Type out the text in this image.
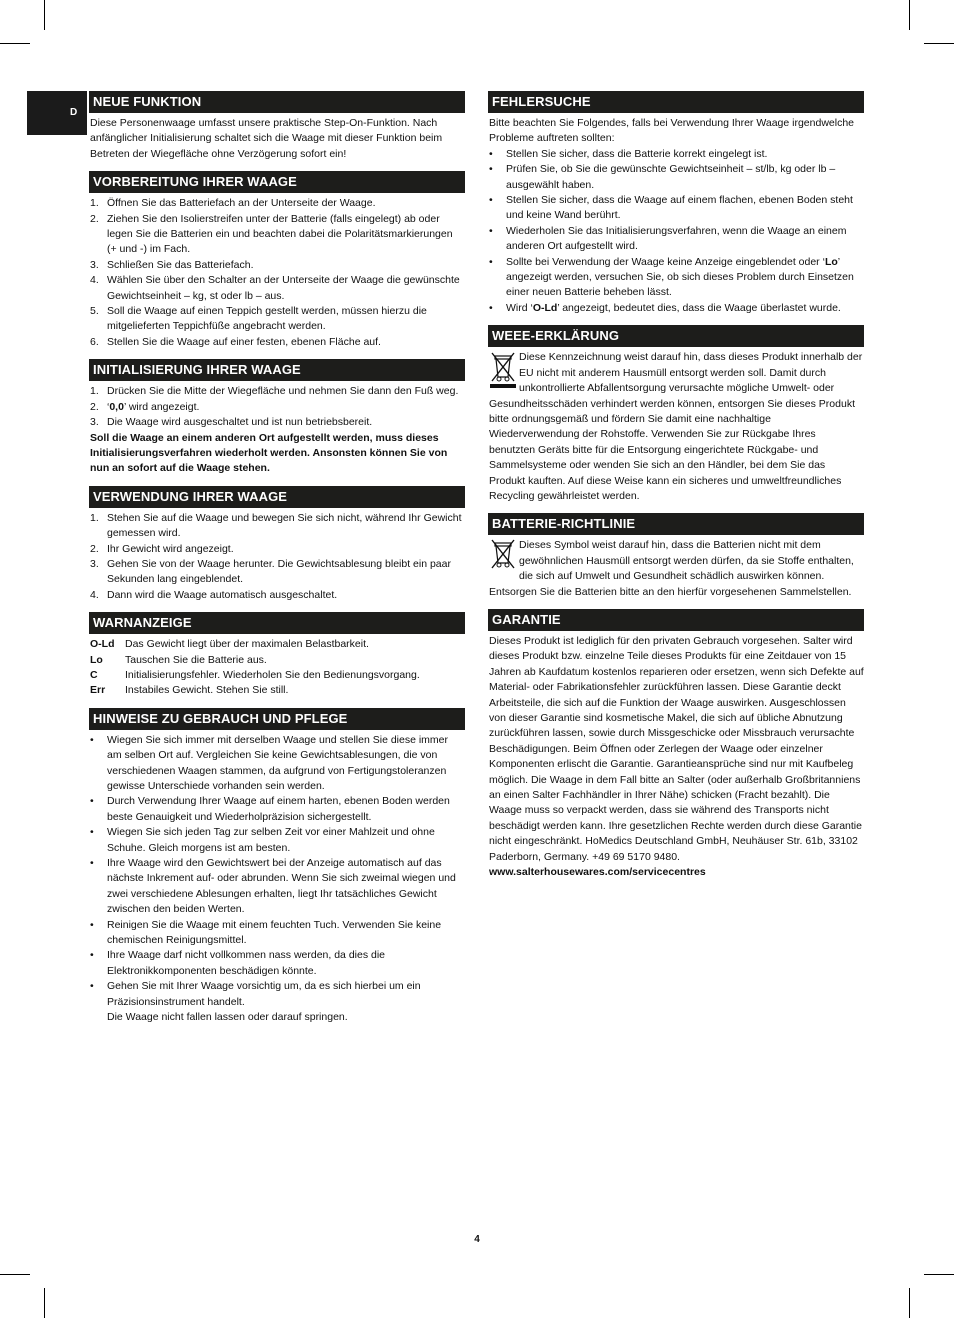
D
NEUE FUNKTION

Diese Personenwaage umfasst unsere praktische Step-On-Funktion. Nach anfänglicher Initialisierung schaltet sich die Waage mit dieser Funktion beim Betreten der Wiegefläche ohne Verzögerung sofort ein!

VORBEREITUNG IHRER WAAGE
1. Öffnen Sie das Batteriefach an der Unterseite der Waage.
2. Ziehen Sie den Isolierstreifen unter der Batterie (falls eingelegt) ab oder legen Sie die Batterien ein und beachten dabei die Polaritätsmarkierungen (+ und -) im Fach.
3. Schließen Sie das Batteriefach.
4. Wählen Sie über den Schalter an der Unterseite der Waage die gewünschte Gewichtseinheit – kg, st oder lb – aus.
5. Soll die Waage auf einen Teppich gestellt werden, müssen hierzu die mitgelieferten Teppichfüße angebracht werden.
6. Stellen Sie die Waage auf einer festen, ebenen Fläche auf.
INITIALISIERUNG IHRER WAAGE
1. Drücken Sie die Mitte der Wiegefläche und nehmen Sie dann den Fuß weg.
2. ‘0,0’ wird angezeigt.
3. Die Waage wird ausgeschaltet und ist nun betriebsbereit.

Soll die Waage an einem anderen Ort aufgestellt werden, muss dieses Initialisierungsverfahren wiederholt werden. Ansonsten können Sie von nun an sofort auf die Waage stehen.

VERWENDUNG IHRER WAAGE
1. Stehen Sie auf die Waage und bewegen Sie sich nicht, während Ihr Gewicht gemessen wird.
2. Ihr Gewicht wird angezeigt.
3. Gehen Sie von der Waage herunter. Die Gewichtsablesung bleibt ein paar Sekunden lang eingeblendet.
4. Dann wird die Waage automatisch ausgeschaltet.
WARNANZEIGE
O-Ld Das Gewicht liegt über der maximalen Belastbarkeit.
Lo Tauschen Sie die Batterie aus.
C	Initialisierungsfehler. Wiederholen Sie den Bedienungsvorgang.
Err Instabiles Gewicht. Stehen Sie still.
HINWEISE ZU GEBRAUCH UND PFLEGE
• Wiegen Sie sich immer mit derselben Waage und stellen Sie diese immer am selben Ort auf. Vergleichen Sie keine Gewichtsablesungen, die von verschiedenen Waagen stammen, da aufgrund von Fertigungstoleranzen gewisse Unterschiede vorhanden sein werden.
• Durch Verwendung Ihrer Waage auf einem harten, ebenen Boden werden beste Genauigkeit und Wiederholpräzision sichergestellt.
• Wiegen Sie sich jeden Tag zur selben Zeit vor einer Mahlzeit und ohne Schuhe. Gleich morgens ist am besten.
• Ihre Waage wird den Gewichtswert bei der Anzeige automatisch auf das nächste Inkrement auf- oder abrunden. Wenn Sie sich zweimal wiegen und zwei verschiedene Ablesungen erhalten, liegt Ihr tatsächliches Gewicht zwischen den beiden Werten.
• Reinigen Sie die Waage mit einem feuchten Tuch. Verwenden Sie keine chemischen Reinigungsmittel.
• Ihre Waage darf nicht vollkommen nass werden, da dies die Elektronikkomponenten beschädigen könnte.
• Gehen Sie mit Ihrer Waage vorsichtig um, da es sich hierbei um ein Präzisionsinstrument handelt.
Die Waage nicht fallen lassen oder darauf springen.
FEHLERSUCHE

Bitte beachten Sie Folgendes, falls bei Verwendung Ihrer Waage irgendwelche Probleme auftreten sollten:

• Stellen Sie sicher, dass die Batterie korrekt eingelegt ist.
• Prüfen Sie, ob Sie die gewünschte Gewichtseinheit – st/lb, kg oder lb – ausgewählt haben.
• Stellen Sie sicher, dass die Waage auf einem flachen, ebenen Boden steht und keine Wand berührt.
• Wiederholen Sie das Initialisierungsverfahren, wenn die Waage an einem anderen Ort aufgestellt wird.
• Sollte bei Verwendung der Waage keine Anzeige eingeblendet oder ‘Lo’ angezeigt werden, versuchen Sie, ob sich dieses Problem durch Einsetzen einer neuen Batterie beheben lässt.
• Wird ‘O-Ld’ angezeigt, bedeutet dies, dass die Waage überlastet wurde.
WEEE-ERKLÄRUNG

Diese Kennzeichnung weist darauf hin, dass dieses Produkt innerhalb der EU nicht mit anderem Hausmüll entsorgt werden soll. Damit durch unkontrollierte Abfallentsorgung verursachte mögliche Umwelt- oder Gesundheitsschäden verhindert werden können, entsorgen Sie dieses Produkt bitte ordnungsgemäß und fördern Sie damit eine nachhaltige Wiederverwendung der Rohstoffe. Verwenden Sie zur Rückgabe Ihres benutzten Geräts bitte für die Entsorgung eingerichtete Rückgabe- und Sammelsysteme oder wenden Sie sich an den Händler, bei dem Sie das Produkt kauften. Auf diese Weise kann ein sicheres und umweltfreundliches Recycling gewährleistet werden.

BATTERIE-RICHTLINIE

Dieses Symbol weist darauf hin, dass die Batterien nicht mit dem gewöhnlichen Hausmüll entsorgt werden dürfen, da sie Stoffe enthalten, die sich auf Umwelt und Gesundheit schädlich auswirken können. Entsorgen Sie die Batterien bitte an den hierfür vorgesehenen Sammelstellen.

GARANTIE

Dieses Produkt ist lediglich für den privaten Gebrauch vorgesehen. Salter wird dieses Produkt bzw. einzelne Teile dieses Produkts für eine Zeitdauer von 15 Jahren ab Kaufdatum kostenlos reparieren oder ersetzen, wenn sich Defekte auf Material- oder Fabrikationsfehler zurückführen lassen. Diese Garantie deckt Arbeitsteile, die sich auf die Funktion der Waage auswirken. Ausgeschlossen von dieser Garantie sind kosmetische Makel, die sich auf übliche Abnutzung zurückführen lassen, sowie durch Missgeschicke oder Missbrauch verursachte Beschädigungen. Beim Öffnen oder Zerlegen der Waage oder einzelner Komponenten erlischt die Garantie. Garantieansprüche sind nur mit Kaufbeleg möglich. Die Waage in dem Fall bitte an Salter (oder außerhalb Großbritanniens an einen Salter Fachhändler in Ihrer Nähe) schicken (Fracht bezahlt). Die Waage muss so verpackt werden, dass sie während des Transports nicht beschädigt werden kann. Ihre gesetzlichen Rechte werden durch diese Garantie nicht eingeschränkt. HoMedics Deutschland GmbH, Neuhäuser Str. 61b, 33102 Paderborn, Germany. +49 69 5170 9480.

www.salterhousewares.com/servicecentres

4
